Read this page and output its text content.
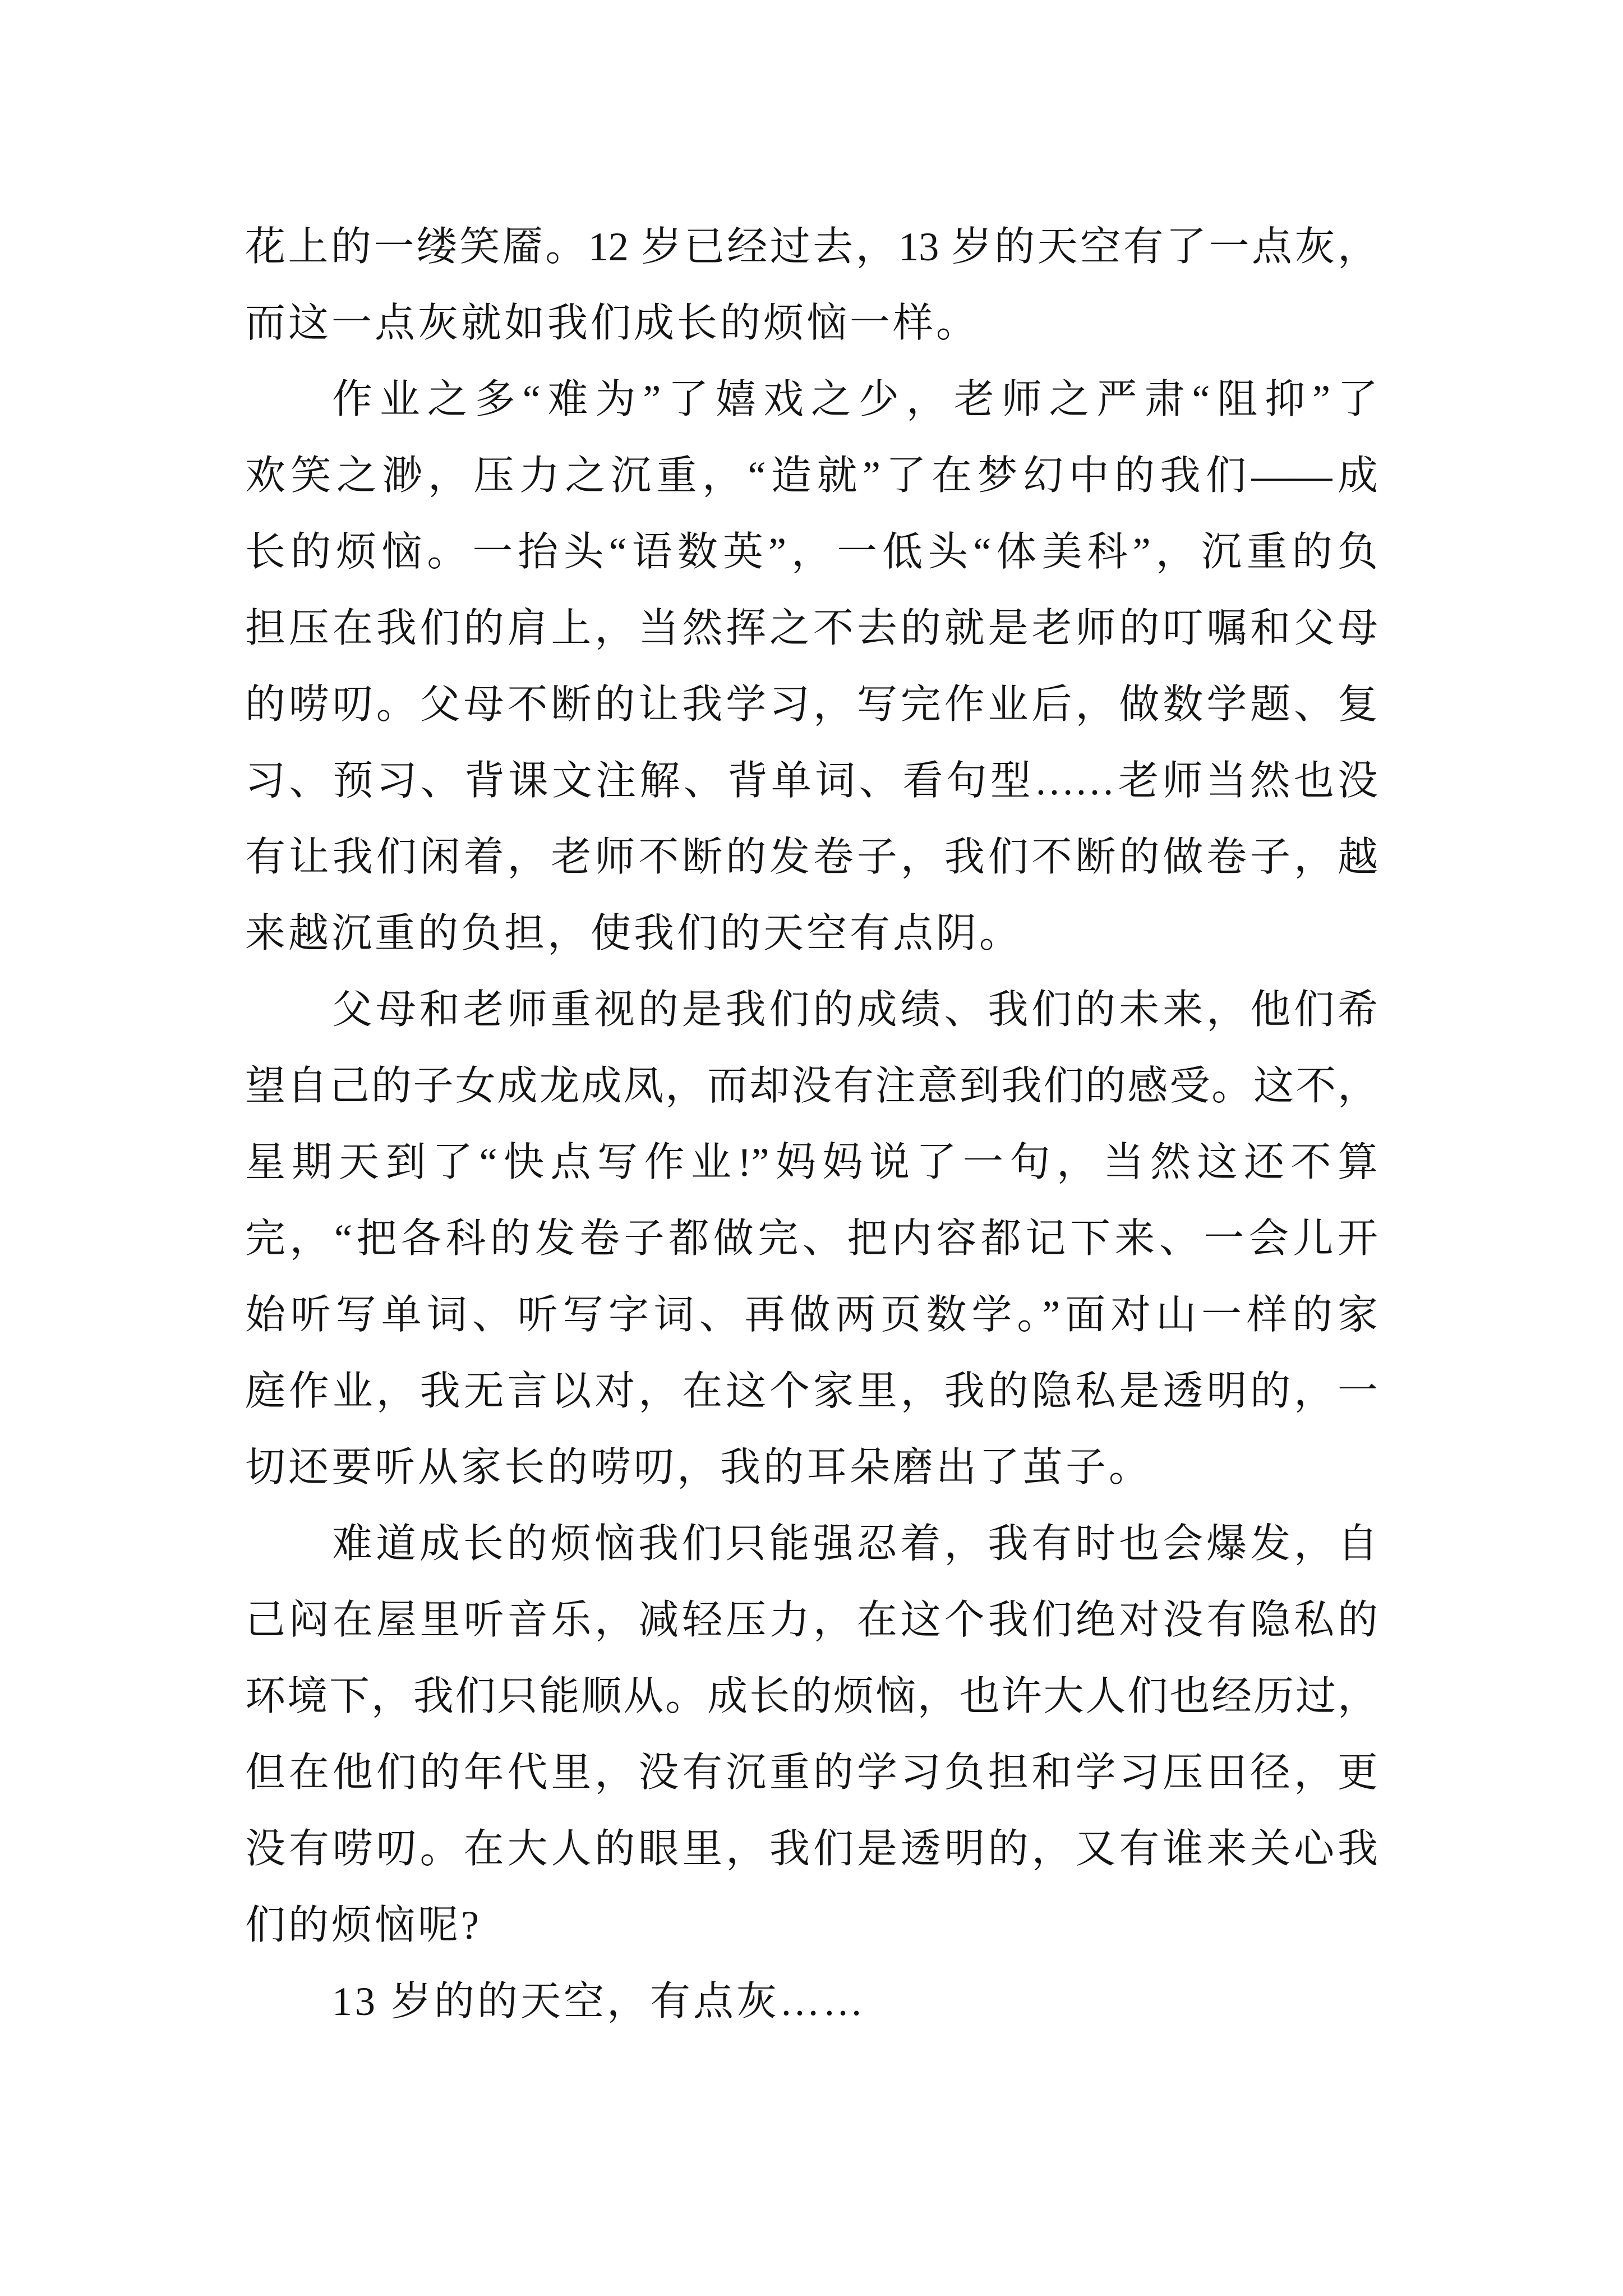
花上的一缕笑靥。12 岁已经过去，13 岁的天空有了一点灰，
而这一点灰就如我们成长的烦恼一样。
作业之多“难为”了嬉戏之少，老师之严肃“阻抑”了
欢笑之渺，压力之沉重，“造就”了在梦幻中的我们——成
长的烦恼。一抬头“语数英”，一低头“体美科”，沉重的负
担压在我们的肩上，当然挥之不去的就是老师的叮嘱和父母
的唠叨。父母不断的让我学习，写完作业后，做数学题、复
习、预习、背课文注解、背单词、看句型……老师当然也没
有让我们闲着，老师不断的发卷子，我们不断的做卷子，越
来越沉重的负担，使我们的天空有点阴。
父母和老师重视的是我们的成绩、我们的未来，他们希
望自己的子女成龙成凤，而却没有注意到我们的感受。这不，
星期天到了“快点写作业!”妈妈说了一句，当然这还不算
完，“把各科的发卷子都做完、把内容都记下来、一会儿开
始听写单词、听写字词、再做两页数学。”面对山一样的家
庭作业，我无言以对，在这个家里，我的隐私是透明的，一
切还要听从家长的唠叨，我的耳朵磨出了茧子。
难道成长的烦恼我们只能强忍着，我有时也会爆发，自
己闷在屋里听音乐，减轻压力，在这个我们绝对没有隐私的
环境下，我们只能顺从。成长的烦恼，也许大人们也经历过，
但在他们的年代里，没有沉重的学习负担和学习压田径，更
没有唠叨。在大人的眼里，我们是透明的，又有谁来关心我
们的烦恼呢?
13 岁的的天空，有点灰……
